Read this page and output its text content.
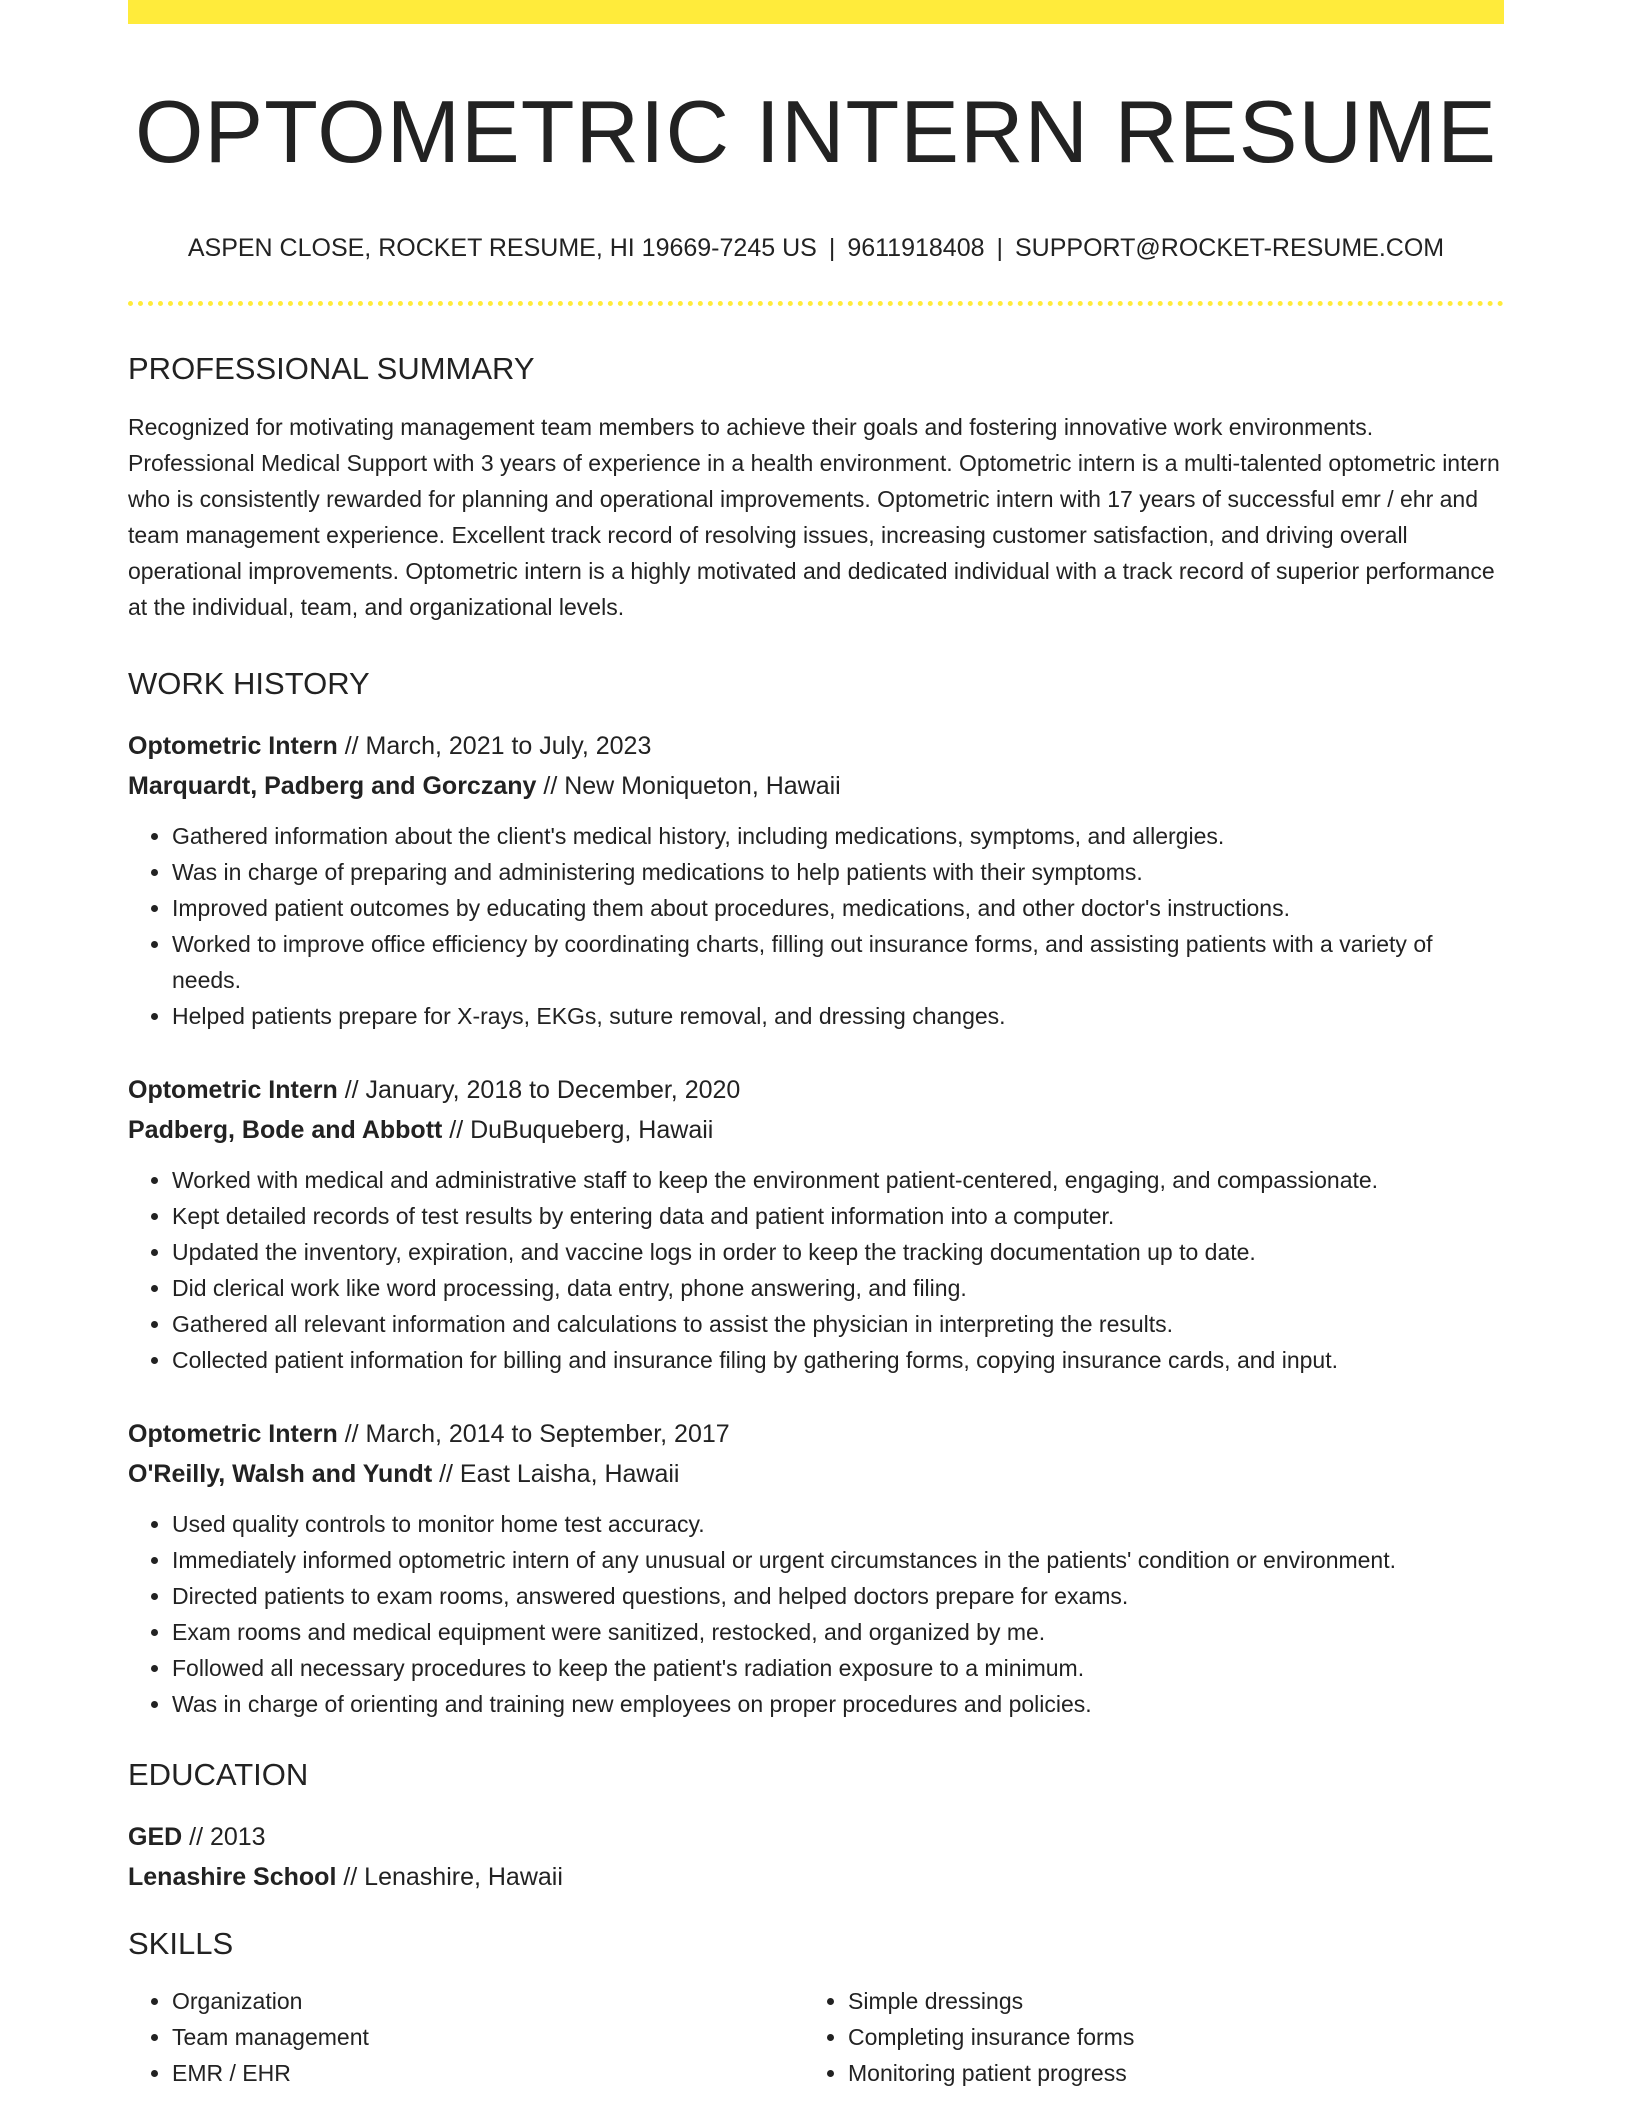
OPTOMETRIC INTERN RESUME
ASPEN CLOSE, ROCKET RESUME, HI 19669-7245 US | 9611918408 | SUPPORT@ROCKET-RESUME.COM
PROFESSIONAL SUMMARY
Recognized for motivating management team members to achieve their goals and fostering innovative work environments. Professional Medical Support with 3 years of experience in a health environment. Optometric intern is a multi-talented optometric intern who is consistently rewarded for planning and operational improvements. Optometric intern with 17 years of successful emr / ehr and team management experience. Excellent track record of resolving issues, increasing customer satisfaction, and driving overall operational improvements. Optometric intern is a highly motivated and dedicated individual with a track record of superior performance at the individual, team, and organizational levels.
WORK HISTORY
Optometric Intern // March, 2021 to July, 2023
Marquardt, Padberg and Gorczany // New Moniqueton, Hawaii
• Gathered information about the client's medical history, including medications, symptoms, and allergies.
• Was in charge of preparing and administering medications to help patients with their symptoms.
• Improved patient outcomes by educating them about procedures, medications, and other doctor's instructions.
• Worked to improve office efficiency by coordinating charts, filling out insurance forms, and assisting patients with a variety of needs.
• Helped patients prepare for X-rays, EKGs, suture removal, and dressing changes.
Optometric Intern // January, 2018 to December, 2020
Padberg, Bode and Abbott // DuBuqueberg, Hawaii
• Worked with medical and administrative staff to keep the environment patient-centered, engaging, and compassionate.
• Kept detailed records of test results by entering data and patient information into a computer.
• Updated the inventory, expiration, and vaccine logs in order to keep the tracking documentation up to date.
• Did clerical work like word processing, data entry, phone answering, and filing.
• Gathered all relevant information and calculations to assist the physician in interpreting the results.
• Collected patient information for billing and insurance filing by gathering forms, copying insurance cards, and input.
Optometric Intern // March, 2014 to September, 2017
O'Reilly, Walsh and Yundt // East Laisha, Hawaii
• Used quality controls to monitor home test accuracy.
• Immediately informed optometric intern of any unusual or urgent circumstances in the patients' condition or environment.
• Directed patients to exam rooms, answered questions, and helped doctors prepare for exams.
• Exam rooms and medical equipment were sanitized, restocked, and organized by me.
• Followed all necessary procedures to keep the patient's radiation exposure to a minimum.
• Was in charge of orienting and training new employees on proper procedures and policies.
EDUCATION
GED // 2013
Lenashire School // Lenashire, Hawaii
SKILLS
• Organization
• Team management
• EMR / EHR
• Simple dressings
• Completing insurance forms
• Monitoring patient progress
